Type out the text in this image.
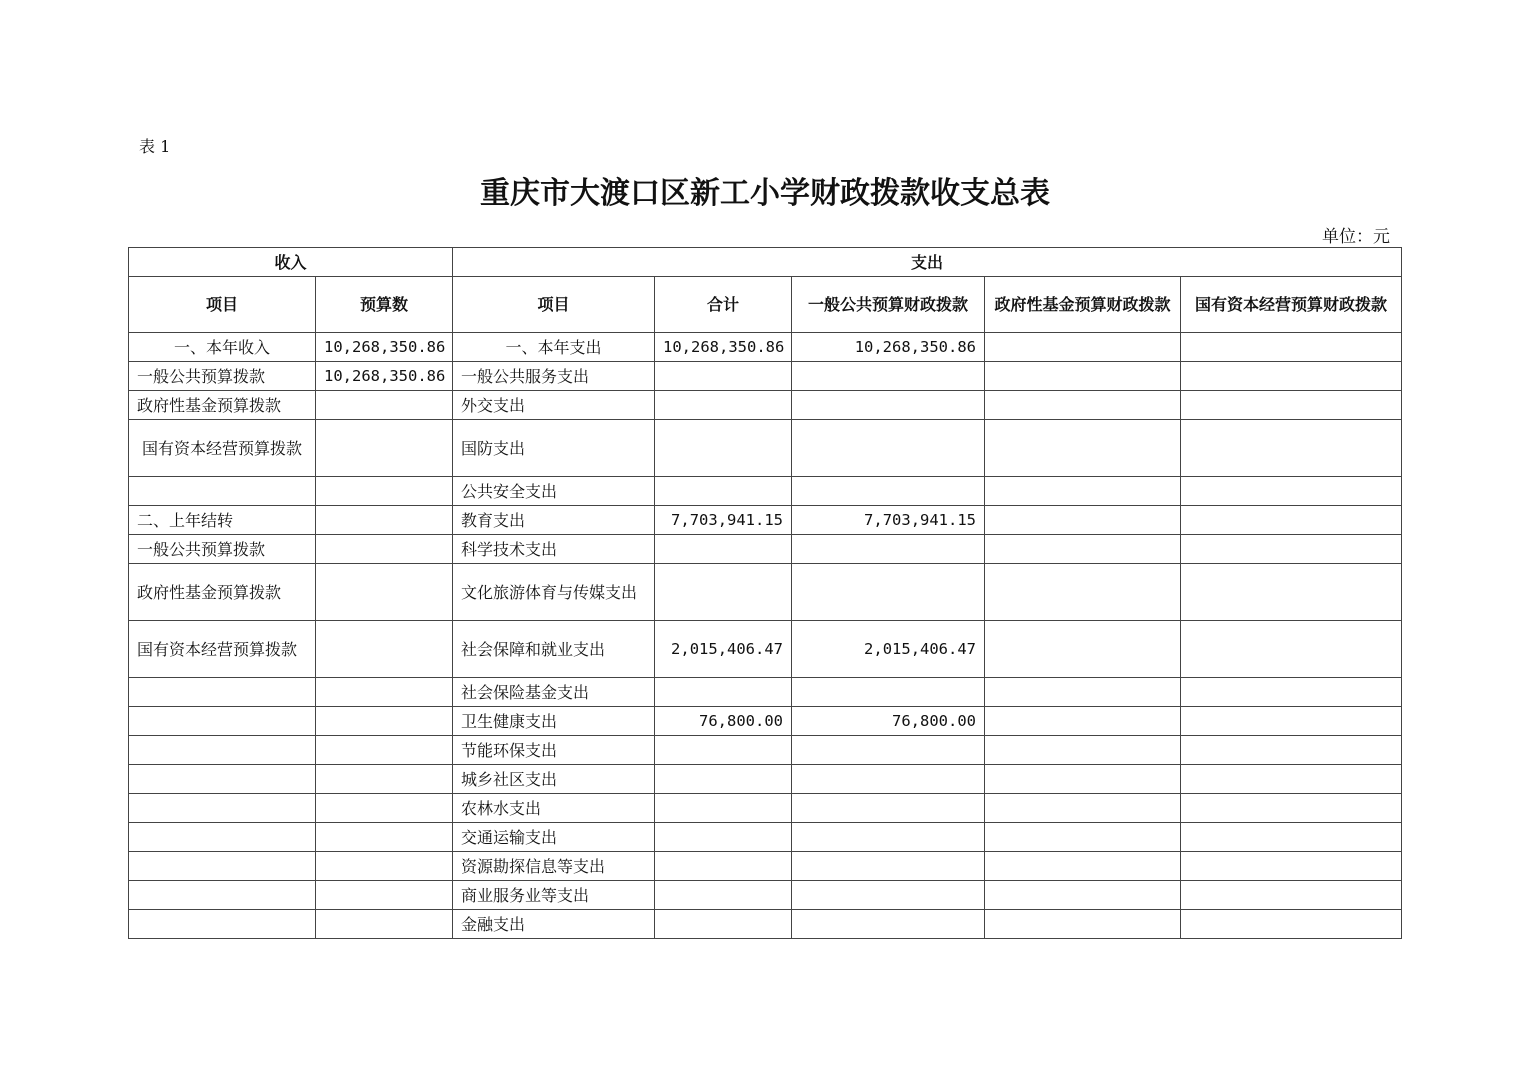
表 1
重庆市大渡口区新工小学财政拨款收支总表
单位：元
收入		支出				
项目	预算数	项目	合计	一般公共预算财政拨款	政府性基金预算财政拨款	国有资本经营预算财政拨款
一、本年收入	10,268,350.86	一、本年支出	10,268,350.86	10,268,350.86		
一般公共预算拨款	10,268,350.86	一般公共服务支出				
政府性基金预算拨款		外交支出				
国有资本经营预算拨款		国防支出				
		公共安全支出				
二、上年结转		教育支出	7,703,941.15	7,703,941.15		
一般公共预算拨款		科学技术支出				
政府性基金预算拨款		文化旅游体育与传媒支出				
国有资本经营预算拨款		社会保障和就业支出	2,015,406.47	2,015,406.47		
		社会保险基金支出				
		卫生健康支出	76,800.00	76,800.00		
		节能环保支出				
		城乡社区支出				
		农林水支出				
		交通运输支出				
		资源勘探信息等支出				
		商业服务业等支出				
		金融支出				
